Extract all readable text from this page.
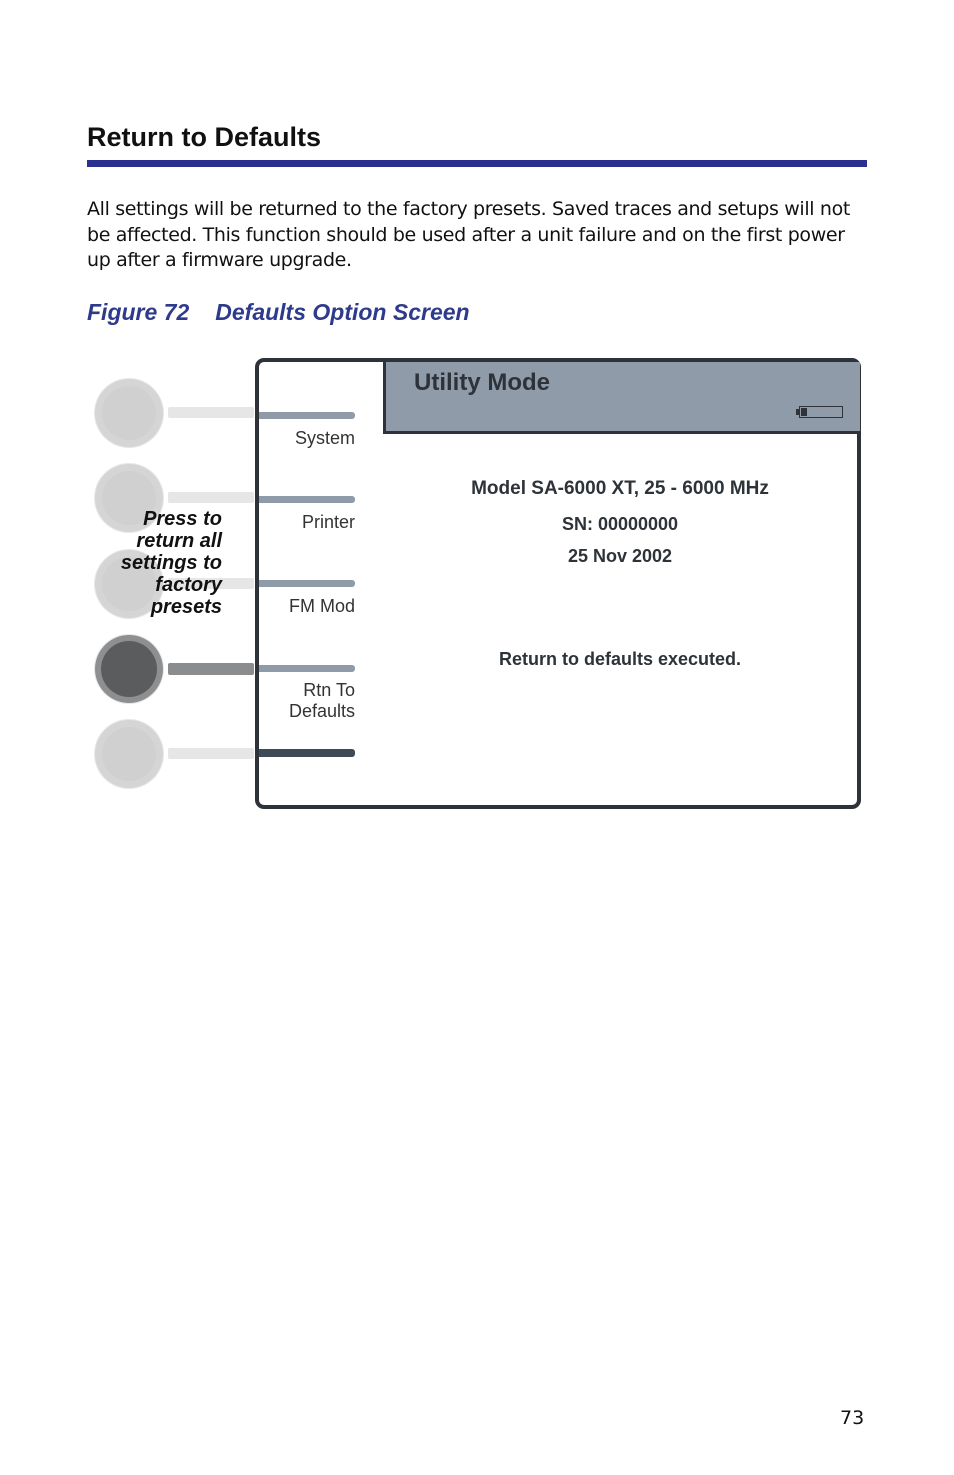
Return to Defaults

All settings will be returned to the factory presets. Saved traces and setups will not be affected. This function should be used after a unit failure and on the first power up after a firmware upgrade.

Figure 72 Defaults Option Screen

Press to return all settings to factory presets

Utility Mode

System

Printer

FM Mod

Rtn To
Defaults

Model SA-6000 XT, 25 - 6000 MHz

SN: 00000000

25 Nov 2002

Return to defaults executed.

73
